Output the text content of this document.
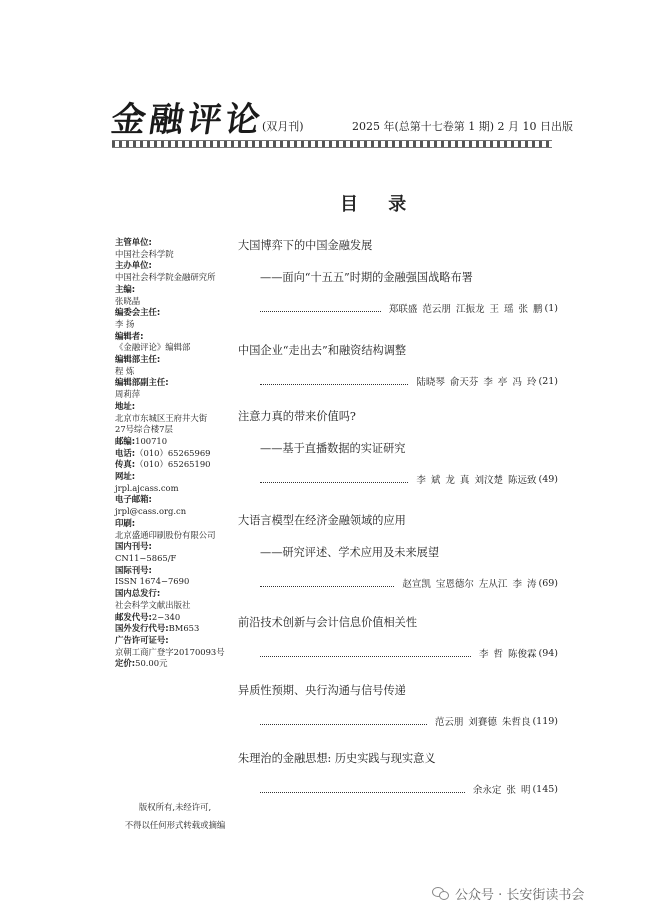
金融评论
(双月刊)	2025 年(总第十七卷第 1 期) 2 月 10 日出版
目 录
主管单位:
中国社会科学院
主办单位:
中国社会科学院金融研究所
主编:
张晓晶
编委会主任:
李 扬
编辑者:
《金融评论》编辑部
编辑部主任:
程 炼
编辑部副主任:
周莉萍
地址:
北京市东城区王府井大街
27号综合楼7层
邮编:100710
电话:（010）65265969
传真:（010）65265190
网址:
jrpl.ajcass.com
电子邮箱:
jrpl@cass.org.cn
印刷:
北京盛通印刷股份有限公司
国内刊号:
CN11−5865/F
国际刊号:
ISSN 1674−7690
国内总发行:
社会科学文献出版社
邮发代号:2−340
国外发行代号:BM653
广告许可证号:
京朝工商广登字20170093号
定价:50.00元
版权所有,未经许可,
不得以任何形式转载或摘编
大国博弈下的中国金融发展
——面向“十五五”时期的金融强国战略布署
郑联盛 范云朋 江振龙 王 瑶 张 鹏 (1)
中国企业“走出去”和融资结构调整
陆晓琴 俞天芬 李 亭 冯 玲 (21)
注意力真的带来价值吗?
——基于直播数据的实证研究
李 斌 龙 真 刘汶楚 陈远致 (49)
大语言模型在经济金融领域的应用
——研究评述、学术应用及未来展望
赵宣凯 宝恩德尔 左从江 李 涛 (69)
前沿技术创新与会计信息价值相关性
李 哲 陈俊霖 (94)
异质性预期、央行沟通与信号传递
范云朋 刘賽德 朱哲良 (119)
朱理治的金融思想: 历史实践与现实意义
余永定 张 明 (145)
公众号 · 长安街读书会
